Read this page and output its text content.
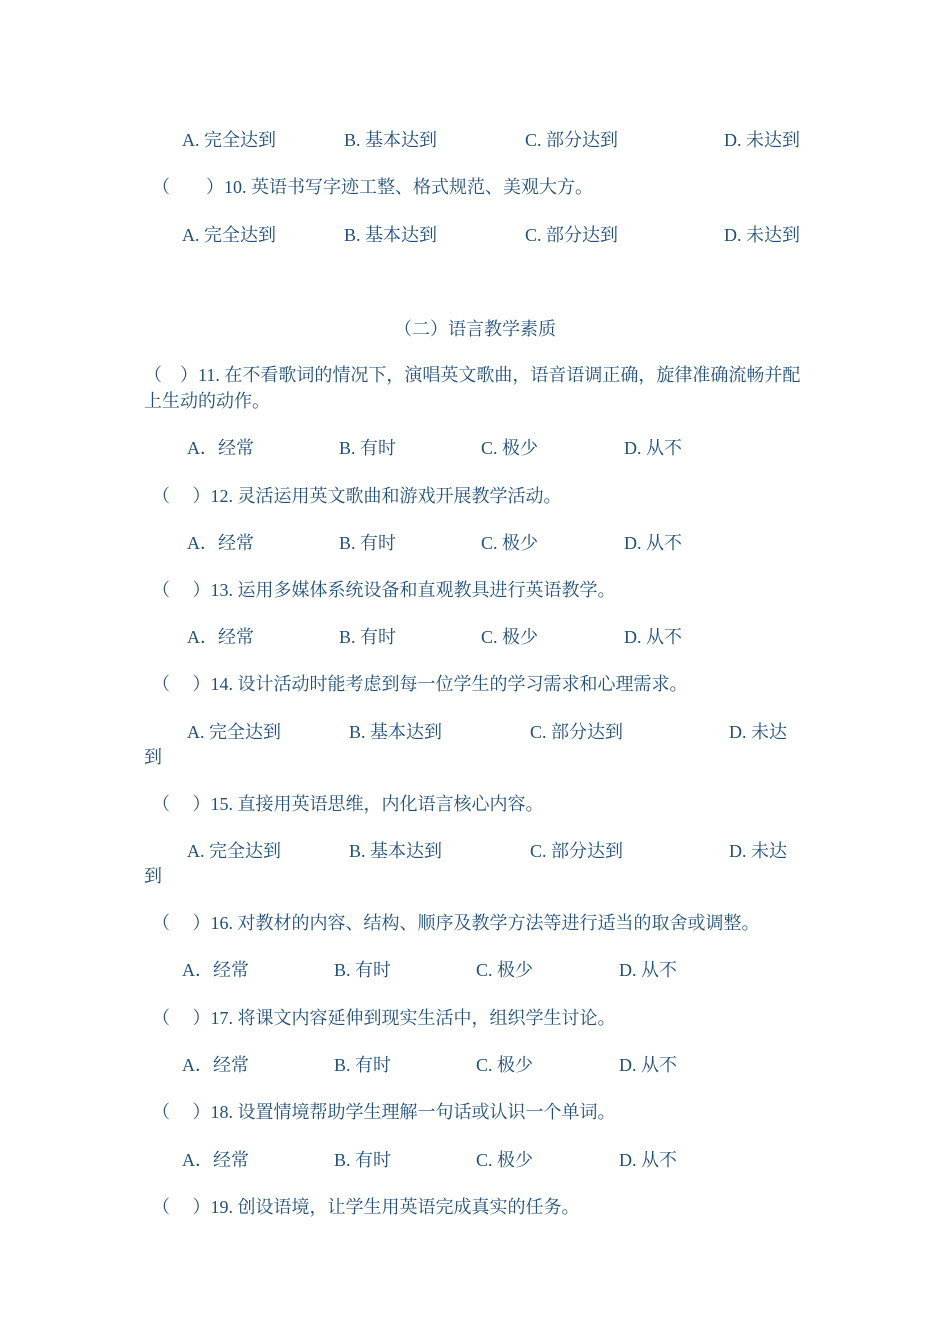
A. 完全达到	B. 基本达到	C. 部分达到	D. 未达到
（　　）10. 英语书写字迹工整、格式规范、美观大方。
A. 完全达到	B. 基本达到	C. 部分达到	D. 未达到
（二）语言教学素质
（　）11. 在不看歌词的情况下，演唱英文歌曲，语音语调正确，旋律准确流畅并配上生动的动作。
A．经常	B. 有时	C. 极少	D. 从不
（　 ）12. 灵活运用英文歌曲和游戏开展教学活动。
A．经常	B. 有时	C. 极少	D. 从不
（　 ）13. 运用多媒体系统设备和直观教具进行英语教学。
A．经常	B. 有时	C. 极少	D. 从不
（　 ）14. 设计活动时能考虑到每一位学生的学习需求和心理需求。
A. 完全达到	B. 基本达到	C. 部分达到	D. 未达
到
（　 ）15. 直接用英语思维，内化语言核心内容。
A. 完全达到	B. 基本达到	C. 部分达到	D. 未达
到
（　 ）16. 对教材的内容、结构、顺序及教学方法等进行适当的取舍或调整。
A．经常	B. 有时	C. 极少	D. 从不
（　 ）17. 将课文内容延伸到现实生活中，组织学生讨论。
A．经常	B. 有时	C. 极少	D. 从不
（　 ）18. 设置情境帮助学生理解一句话或认识一个单词。
A．经常	B. 有时	C. 极少	D. 从不
（　 ）19. 创设语境，让学生用英语完成真实的任务。
